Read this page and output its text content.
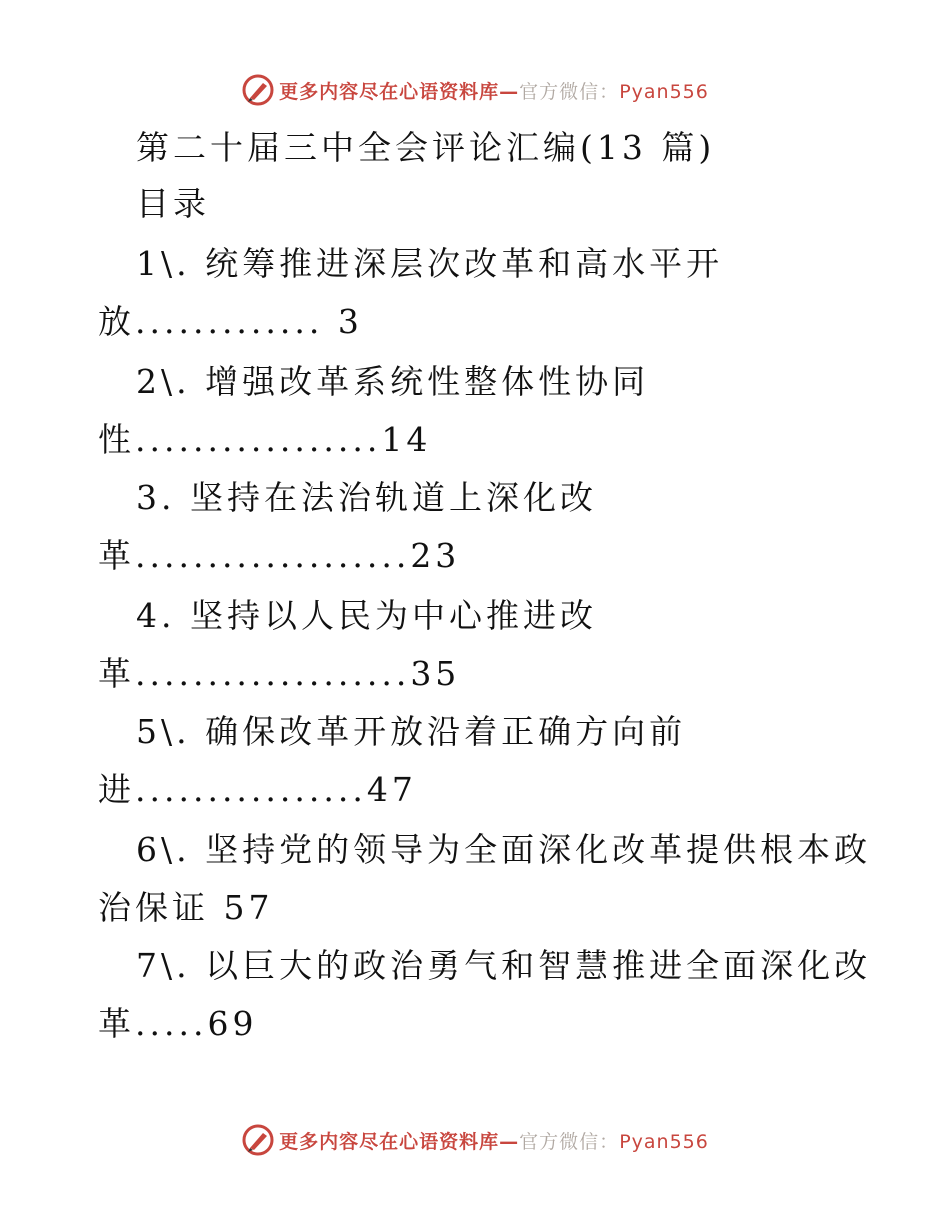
更多内容尽在心语资料库—官方微信：Pyan556
第二十届三中全会评论汇编(13 篇)
目录
1\. 统筹推进深层次改革和高水平开
放............. 3
2\. 增强改革系统性整体性协同
性.................14
3. 坚持在法治轨道上深化改
革...................23
4. 坚持以人民为中心推进改
革...................35
5\. 确保改革开放沿着正确方向前
进................47
6\. 坚持党的领导为全面深化改革提供根本政
治保证 57
7\. 以巨大的政治勇气和智慧推进全面深化改
革.....69
更多内容尽在心语资料库—官方微信：Pyan556
